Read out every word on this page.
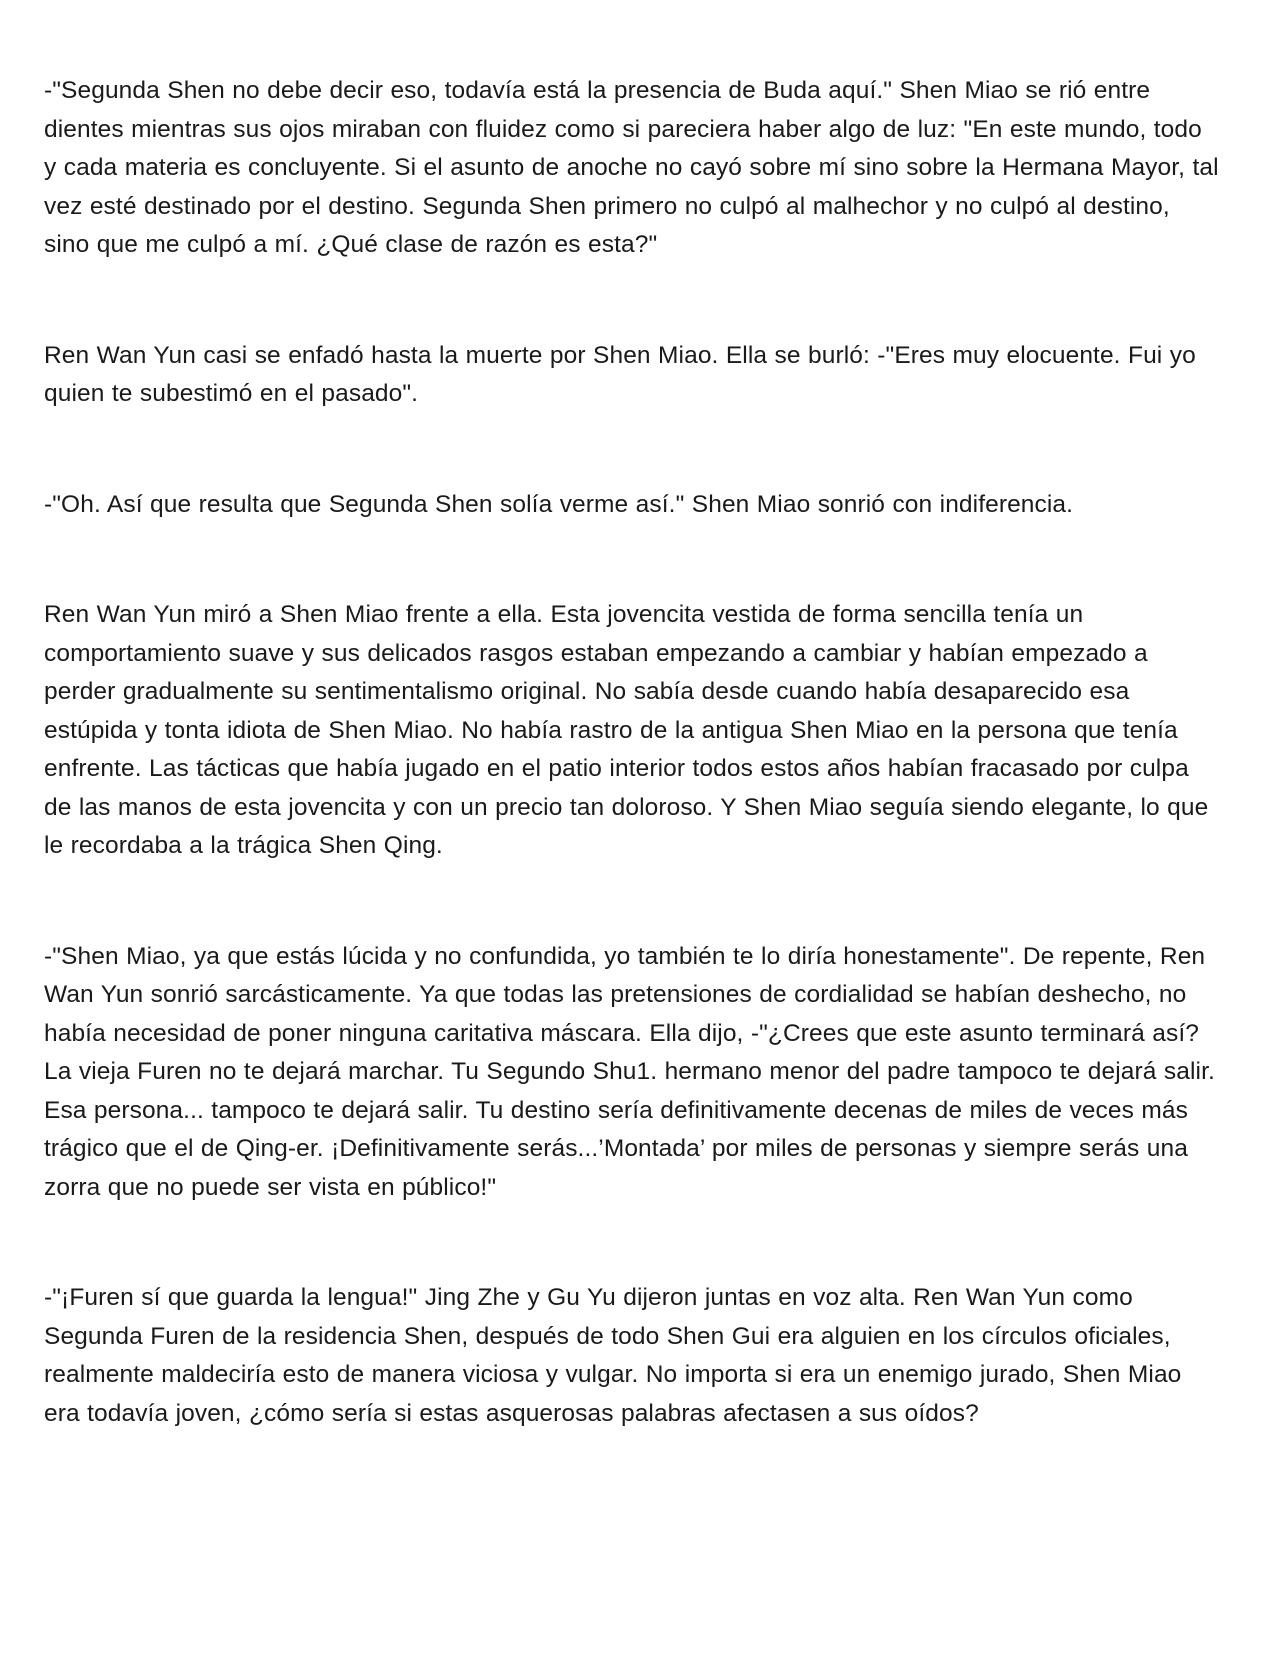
-"Segunda Shen no debe decir eso, todavía está la presencia de Buda aquí." Shen Miao se rió entre dientes mientras sus ojos miraban con fluidez como si pareciera haber algo de luz: "En este mundo, todo y cada materia es concluyente. Si el asunto de anoche no cayó sobre mí sino sobre la Hermana Mayor, tal vez esté destinado por el destino. Segunda Shen primero no culpó al malhechor y no culpó al destino, sino que me culpó a mí. ¿Qué clase de razón es esta?"

Ren Wan Yun casi se enfadó hasta la muerte por Shen Miao. Ella se burló: -"Eres muy elocuente. Fui yo quien te subestimó en el pasado".

-"Oh. Así que resulta que Segunda Shen solía verme así." Shen Miao sonrió con indiferencia.

Ren Wan Yun miró a Shen Miao frente a ella. Esta jovencita vestida de forma sencilla tenía un comportamiento suave y sus delicados rasgos estaban empezando a cambiar y habían empezado a perder gradualmente su sentimentalismo original. No sabía desde cuando había desaparecido esa estúpida y tonta idiota de Shen Miao. No había rastro de la antigua Shen Miao en la persona que tenía enfrente. Las tácticas que había jugado en el patio interior todos estos años habían fracasado por culpa de las manos de esta jovencita y con un precio tan doloroso. Y Shen Miao seguía siendo elegante, lo que le recordaba a la trágica Shen Qing.

-"Shen Miao, ya que estás lúcida y no confundida, yo también te lo diría honestamente". De repente, Ren Wan Yun sonrió sarcásticamente. Ya que todas las pretensiones de cordialidad se habían deshecho, no había necesidad de poner ninguna caritativa máscara. Ella dijo, -"¿Crees que este asunto terminará así? La vieja Furen no te dejará marchar. Tu Segundo Shu1. hermano menor del padre tampoco te dejará salir. Esa persona... tampoco te dejará salir. Tu destino sería definitivamente decenas de miles de veces más trágico que el de Qing-er. ¡Definitivamente serás...’Montada’ por miles de personas y siempre serás una zorra que no puede ser vista en público!"

-"¡Furen sí que guarda la lengua!" Jing Zhe y Gu Yu dijeron juntas en voz alta. Ren Wan Yun como Segunda Furen de la residencia Shen, después de todo Shen Gui era alguien en los círculos oficiales, realmente maldeciría esto de manera viciosa y vulgar. No importa si era un enemigo jurado, Shen Miao era todavía joven, ¿cómo sería si estas asquerosas palabras afectasen a sus oídos?
